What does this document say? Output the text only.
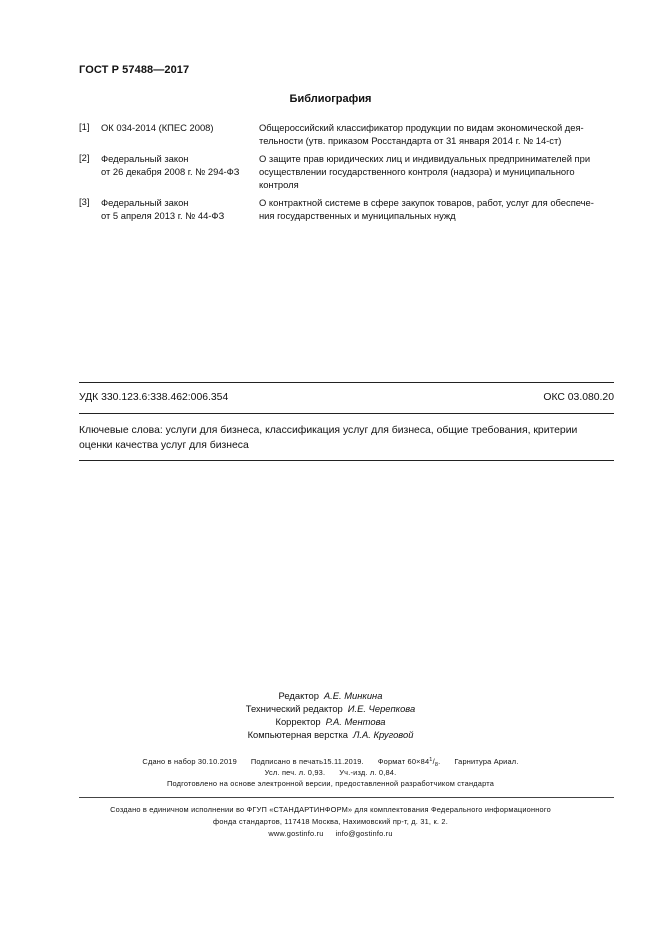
ГОСТ Р 57488—2017
Библиография
[1] ОК 034-2014 (КПЕС 2008)	Общероссийский классификатор продукции по видам экономической дея-
тельности (утв. приказом Росстандарта от 31 января 2014 г. № 14-ст)
[2] Федеральный закон
от 26 декабря 2008 г. № 294-ФЗ
О защите прав юридических лиц и индивидуальных предпринимателей при
осуществлении государственного контроля (надзора) и муниципального
контроля
[3] Федеральный закон
от 5 апреля 2013 г. № 44-ФЗ
О контрактной системе в сфере закупок товаров, работ, услуг для обеспече-
ния государственных и муниципальных нужд
УДК 330.123.6:338.462:006.354	ОКС 03.080.20
Ключевые слова: услуги для бизнеса, классификация услуг для бизнеса, общие требования, критерии
оценки качества услуг для бизнеса
Редактор А.Е. Минкина
Технический редактор И.Е. Черепкова
Корректор Р.А. Ментова
Компьютерная верстка Л.А. Круговой
Сдано в набор 30.10.2019 Подписано в печать15.11.2019. Формат $60\times 84^1/_8$. Гарнитура Ариал.
Усл. печ. л. 0,93. Уч.-изд. л. 0,84.
Подготовлено на основе электронной версии, предоставленной разработчиком стандарта
Создано в единичном исполнении во ФГУП «СТАНДАРТИНФОРМ» для комплектования Федерального информационного
фонда стандартов, 117418 Москва, Нахимовский пр-т, д. 31, к. 2.
www.gostinfo.ru info@gostinfo.ru
